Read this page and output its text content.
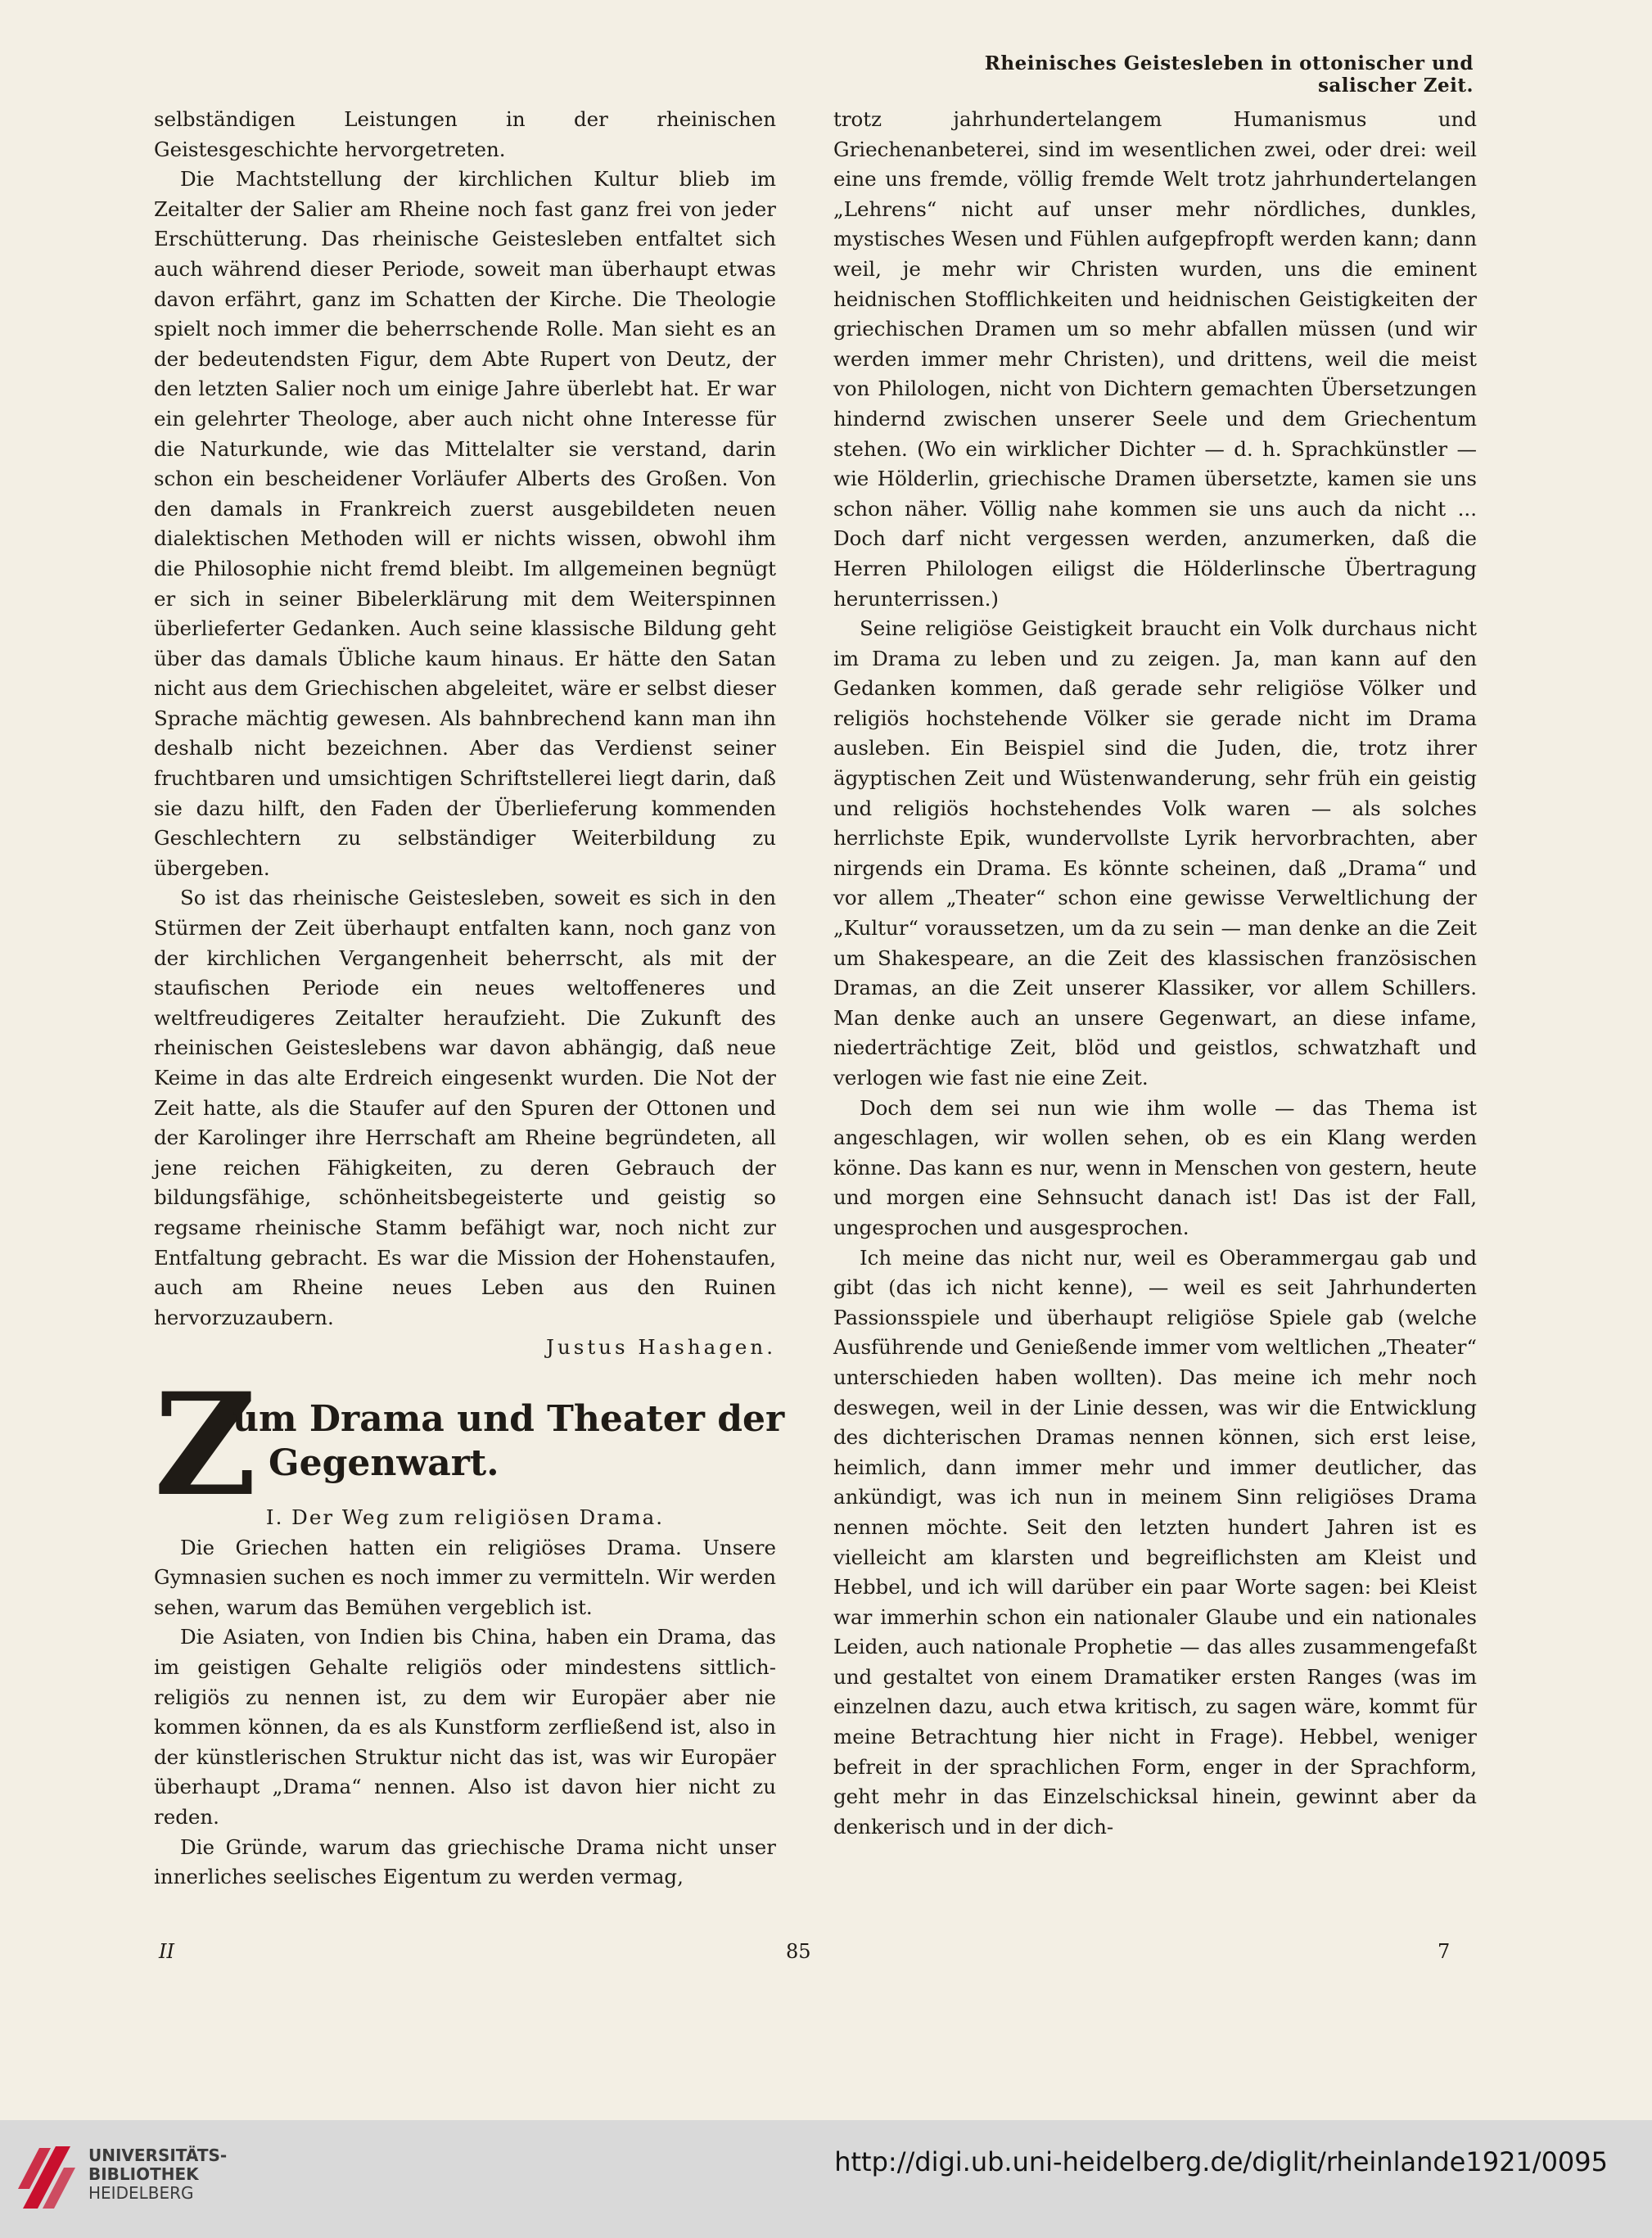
Rheinisches Geistesleben in ottonischer und salischer Zeit.

selbständigen Leistungen in der rheinischen Geistesgeschichte hervorgetreten.

Die Machtstellung der kirchlichen Kultur blieb im Zeitalter der Salier am Rheine noch fast ganz frei von jeder Erschütterung. Das rheinische Geistesleben entfaltet sich auch während dieser Periode, soweit man überhaupt etwas davon erfährt, ganz im Schatten der Kirche. Die Theologie spielt noch immer die beherrschende Rolle. Man sieht es an der bedeutendsten Figur, dem Abte Rupert von Deutz, der den letzten Salier noch um einige Jahre überlebt hat. Er war ein gelehrter Theologe, aber auch nicht ohne Interesse für die Naturkunde, wie das Mittelalter sie verstand, darin schon ein bescheidener Vorläufer Alberts des Großen. Von den damals in Frankreich zuerst ausgebildeten neuen dialektischen Methoden will er nichts wissen, obwohl ihm die Philosophie nicht fremd bleibt. Im allgemeinen begnügt er sich in seiner Bibelerklärung mit dem Weiterspinnen überlieferter Gedanken. Auch seine klassische Bildung geht über das damals Übliche kaum hinaus. Er hätte den Satan nicht aus dem Griechischen abgeleitet, wäre er selbst dieser Sprache mächtig gewesen. Als bahnbrechend kann man ihn deshalb nicht bezeichnen. Aber das Verdienst seiner fruchtbaren und umsichtigen Schriftstellerei liegt darin, daß sie dazu hilft, den Faden der Überlieferung kommenden Geschlechtern zu selbständiger Weiterbildung zu übergeben.

So ist das rheinische Geistesleben, soweit es sich in den Stürmen der Zeit überhaupt entfalten kann, noch ganz von der kirchlichen Vergangenheit beherrscht, als mit der staufischen Periode ein neues weltoffeneres und weltfreudigeres Zeitalter heraufzieht. Die Zukunft des rheinischen Geisteslebens war davon abhängig, daß neue Keime in das alte Erdreich eingesenkt wurden. Die Not der Zeit hatte, als die Staufer auf den Spuren der Ottonen und der Karolinger ihre Herrschaft am Rheine begründeten, all jene reichen Fähigkeiten, zu deren Gebrauch der bildungsfähige, schönheitsbegeisterte und geistig so regsame rheinische Stamm befähigt war, noch nicht zur Entfaltung gebracht. Es war die Mission der Hohenstaufen, auch am Rheine neues Leben aus den Ruinen hervorzuzaubern.

Justus Hashagen.

Z
um Drama und Theater der
Gegenwart.

I. Der Weg zum religiösen Drama.

Die Griechen hatten ein religiöses Drama. Unsere Gymnasien suchen es noch immer zu vermitteln. Wir werden sehen, warum das Bemühen vergeblich ist.

Die Asiaten, von Indien bis China, haben ein Drama, das im geistigen Gehalte religiös oder mindestens sittlich-religiös zu nennen ist, zu dem wir Europäer aber nie kommen können, da es als Kunstform zerfließend ist, also in der künstlerischen Struktur nicht das ist, was wir Europäer überhaupt „Drama“ nennen. Also ist davon hier nicht zu reden.

Die Gründe, warum das griechische Drama nicht unser innerliches seelisches Eigentum zu werden vermag,

trotz jahrhundertelangem Humanismus und Griechenanbeterei, sind im wesentlichen zwei, oder drei: weil eine uns fremde, völlig fremde Welt trotz jahrhundertelangen „Lehrens“ nicht auf unser mehr nördliches, dunkles, mystisches Wesen und Fühlen aufgepfropft werden kann; dann weil, je mehr wir Christen wurden, uns die eminent heidnischen Stofflichkeiten und heidnischen Geistigkeiten der griechischen Dramen um so mehr abfallen müssen (und wir werden immer mehr Christen), und drittens, weil die meist von Philologen, nicht von Dichtern gemachten Übersetzungen hindernd zwischen unserer Seele und dem Griechentum stehen. (Wo ein wirklicher Dichter — d. h. Sprachkünstler — wie Hölderlin, griechische Dramen übersetzte, kamen sie uns schon näher. Völlig nahe kommen sie uns auch da nicht ... Doch darf nicht vergessen werden, anzumerken, daß die Herren Philologen eiligst die Hölderlinsche Übertragung herunterrissen.)

Seine religiöse Geistigkeit braucht ein Volk durchaus nicht im Drama zu leben und zu zeigen. Ja, man kann auf den Gedanken kommen, daß gerade sehr religiöse Völker und religiös hochstehende Völker sie gerade nicht im Drama ausleben. Ein Beispiel sind die Juden, die, trotz ihrer ägyptischen Zeit und Wüstenwanderung, sehr früh ein geistig und religiös hochstehendes Volk waren — als solches herrlichste Epik, wundervollste Lyrik hervorbrachten, aber nirgends ein Drama. Es könnte scheinen, daß „Drama“ und vor allem „Theater“ schon eine gewisse Verweltlichung der „Kultur“ voraussetzen, um da zu sein — man denke an die Zeit um Shakespeare, an die Zeit des klassischen französischen Dramas, an die Zeit unserer Klassiker, vor allem Schillers. Man denke auch an unsere Gegenwart, an diese infame, niederträchtige Zeit, blöd und geistlos, schwatzhaft und verlogen wie fast nie eine Zeit.

Doch dem sei nun wie ihm wolle — das Thema ist angeschlagen, wir wollen sehen, ob es ein Klang werden könne. Das kann es nur, wenn in Menschen von gestern, heute und morgen eine Sehnsucht danach ist! Das ist der Fall, ungesprochen und ausgesprochen.

Ich meine das nicht nur, weil es Oberammergau gab und gibt (das ich nicht kenne), — weil es seit Jahrhunderten Passionsspiele und überhaupt religiöse Spiele gab (welche Ausführende und Genießende immer vom weltlichen „Theater“ unterschieden haben wollten). Das meine ich mehr noch deswegen, weil in der Linie dessen, was wir die Entwicklung des dichterischen Dramas nennen können, sich erst leise, heimlich, dann immer mehr und immer deutlicher, das ankündigt, was ich nun in meinem Sinn religiöses Drama nennen möchte. Seit den letzten hundert Jahren ist es vielleicht am klarsten und begreiflichsten am Kleist und Hebbel, und ich will darüber ein paar Worte sagen: bei Kleist war immerhin schon ein nationaler Glaube und ein nationales Leiden, auch nationale Prophetie — das alles zusammengefaßt und gestaltet von einem Dramatiker ersten Ranges (was im einzelnen dazu, auch etwa kritisch, zu sagen wäre, kommt für meine Betrachtung hier nicht in Frage). Hebbel, weniger befreit in der sprachlichen Form, enger in der Sprachform, geht mehr in das Einzelschicksal hinein, gewinnt aber da denkerisch und in der dich-

II	85	7
UNIVERSITÄTS-
BIBLIOTHEK
HEIDELBERG
http://digi.ub.uni-heidelberg.de/diglit/rheinlande1921/0095
